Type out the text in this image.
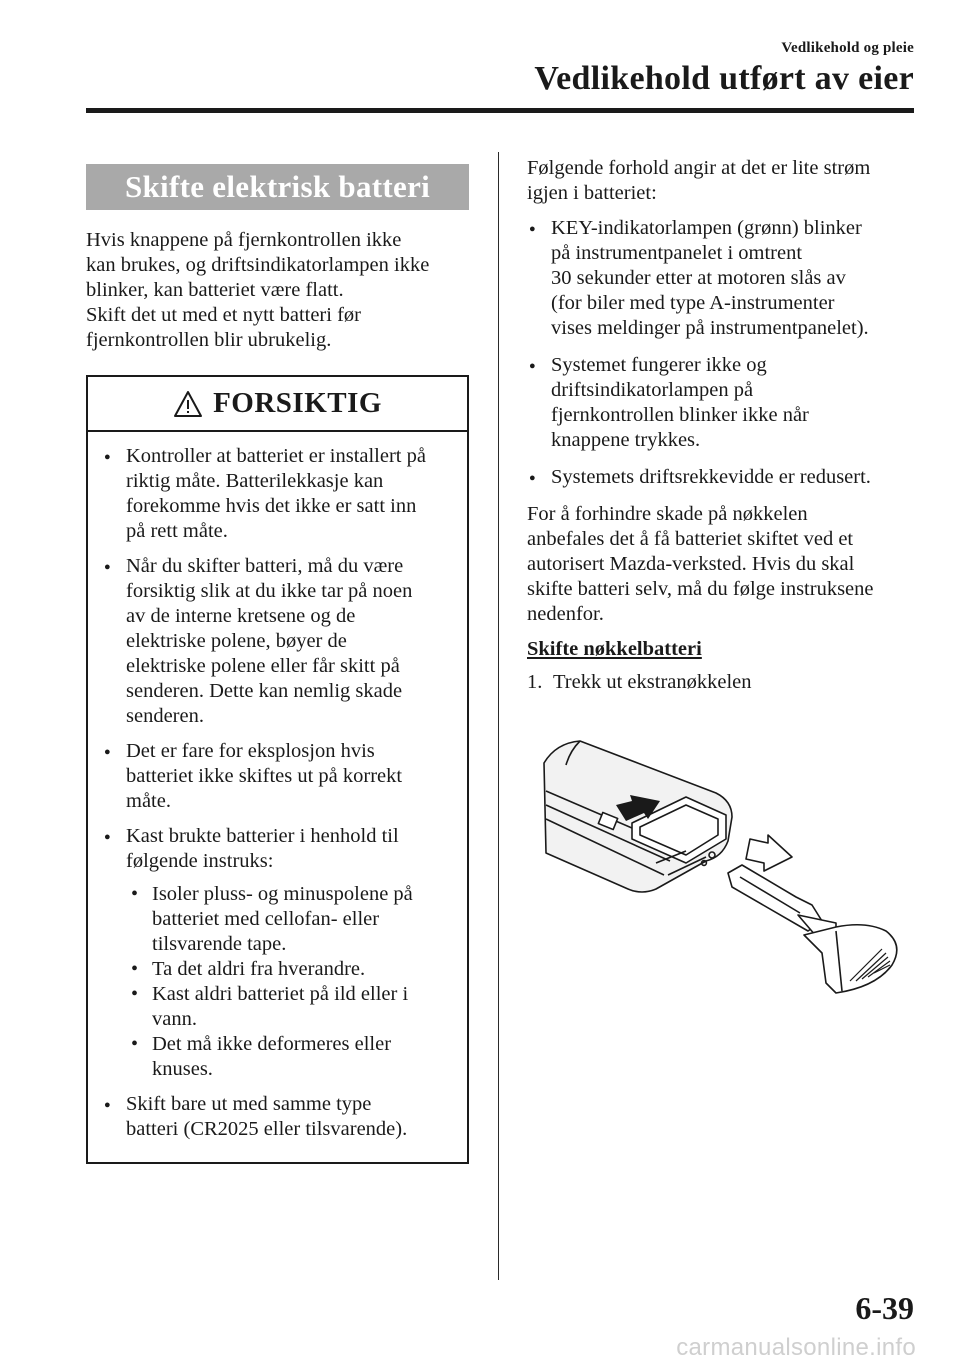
Vedlikehold og pleie
Vedlikehold utført av eier
Skifte elektrisk batteri

Hvis knappene på fjernkontrollen ikke
kan brukes, og driftsindikatorlampen ikke
blinker, kan batteriet være flatt.
Skift det ut med et nytt batteri før
fjernkontrollen blir ubrukelig.

FORSIKTIG
● Kontroller at batteriet er installert på
riktig måte. Batterilekkasje kan
forekomme hvis det ikke er satt inn
på rett måte.
● Når du skifter batteri, må du være
forsiktig slik at du ikke tar på noen
av de interne kretsene og de
elektriske polene, bøyer de
elektriske polene eller får skitt på
senderen. Dette kan nemlig skade
senderen.
● Det er fare for eksplosjon hvis
batteriet ikke skiftes ut på korrekt
måte.
● Kast brukte batterier i henhold til
følgende instruks:
• Isoler pluss- og minuspolene på
batteriet med cellofan- eller
tilsvarende tape.
• Ta det aldri fra hverandre.
• Kast aldri batteriet på ild eller i
vann.
• Det må ikke deformeres eller
knuses.
● Skift bare ut med samme type
batteri (CR2025 eller tilsvarende).

Følgende forhold angir at det er lite strøm
igjen i batteriet:

● KEY-indikatorlampen (grønn) blinker
på instrumentpanelet i omtrent
30 sekunder etter at motoren slås av
(for biler med type A-instrumenter
vises meldinger på instrumentpanelet).
● Systemet fungerer ikke og
driftsindikatorlampen på
fjernkontrollen blinker ikke når
knappene trykkes.
● Systemets driftsrekkevidde er redusert.

For å forhindre skade på nøkkelen
anbefales det å få batteriet skiftet ved et
autorisert Mazda-verksted. Hvis du skal
skifte batteri selv, må du følge instruksene
nedenfor.

Skifte nøkkelbatteri
1. Trekk ut ekstranøkkelen
6-39
carmanualsonline.info
